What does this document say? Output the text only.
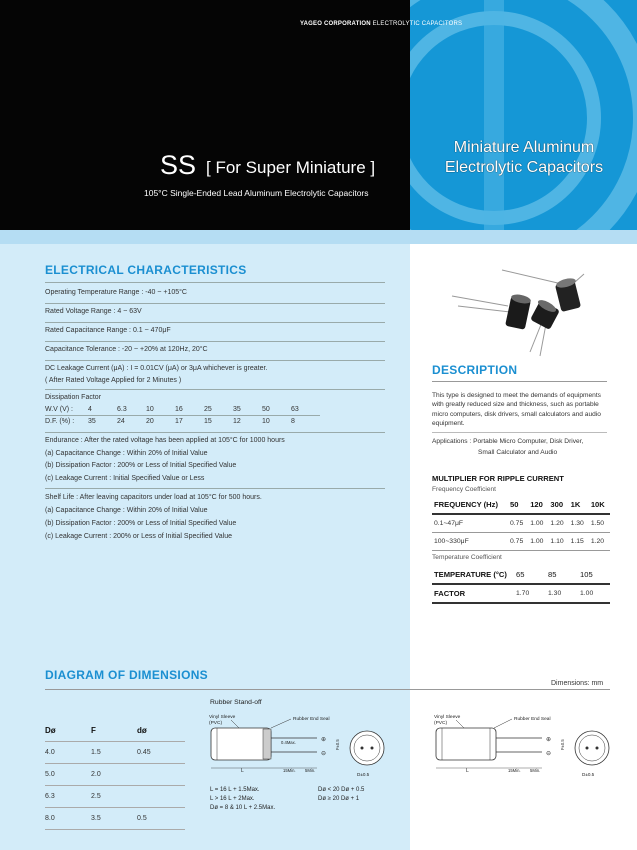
YAGEO CORPORATION ELECTROLYTIC CAPACITORS
SS [ For Super Miniature ]
105°C Single-Ended Lead Aluminum Electrolytic Capacitors
Miniature Aluminum
Electrolytic Capacitors
ELECTRICAL CHARACTERISTICS
Operating Temperature Range : -40 ~ +105°C
Rated Voltage Range : 4 ~ 63V
Rated Capacitance Range : 0.1 ~ 470μF
Capacitance Tolerance : -20 ~ +20% at 120Hz, 20°C
DC Leakage Current (μA) : I = 0.01CV (μA) or 3μA whichever is greater.
( After Rated Voltage Applied for 2 Minutes )
Dissipation Factor
W.V (V) :	4	6.3	10	16	25	35	50	63
D.F. (%) :	35	24	20	17	15	12	10	8
Endurance : After the rated voltage has been applied at 105°C for 1000 hours
(a) Capacitance Change : Within 20% of Initial Value
(b) Dissipation Factor : 200% or Less of Initial Specified Value
(c) Leakage Current : Initial Specified Value or Less
Shelf Life : After leaving capacitors under load at 105°C for 500 hours.
(a) Capacitance Change : Within 20% of Initial Value
(b) Dissipation Factor : 200% or Less of Initial Specified Value
(c) Leakage Current : 200% or Less of Initial Specified Value
DESCRIPTION
This type is designed to meet the demands of equipments with greatly reduced size and thickness, such as portable micro computers, disk drivers, small calculators and audio equipment.
Applications : Portable Micro Computer, Disk Driver,
Small Calculator and Audio
MULTIPLIER FOR RIPPLE CURRENT
Frequency Coefficient
FREQUENCY (Hz)	50	120	300	1K	10K
0.1~47μF	0.75	1.00	1.20	1.30	1.50
100~330μF	0.75	1.00	1.10	1.15	1.20
Temperature Coefficient
TEMPERATURE (°C)	65	85	105
FACTOR	1.70	1.30	1.00
DIAGRAM OF DIMENSIONS
Dimensions: mm
Dø	F	dø
4.0	1.5	0.45
5.0	2.0	
6.3	2.5	
8.0	3.5	0.5
Rubber Stand-off
Vinyl Sleeve
(PVC)
Rubber End Seal
⊕
⊖
0.4Max.
L	15Min. 5Min.
F±0.5
D±0.5
L = 16 L + 1.5Max.
L > 16 L + 2Max.
Dø = 8 & 10 L + 2.5Max.
Dø < 20 Dø + 0.5
Dø ≥ 20 Dø + 1
Vinyl Sleeve
(PVC)
Rubber End Seal
⊕
⊖
L	15Min. 5Min.
F±0.5
D±0.5
